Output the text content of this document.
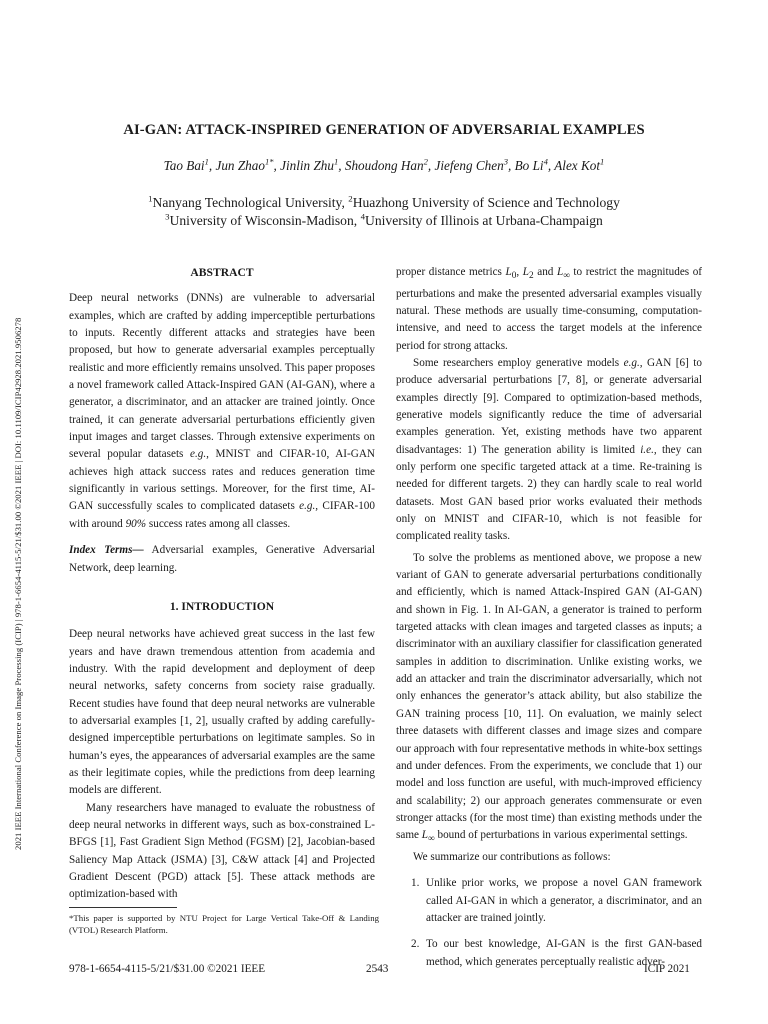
2021 IEEE International Conference on Image Processing (ICIP) | 978-1-6654-4115-5/21/$31.00 ©2021 IEEE | DOI: 10.1109/ICIP42928.2021.9506278
AI-GAN: ATTACK-INSPIRED GENERATION OF ADVERSARIAL EXAMPLES
Tao Bai$^1$, Jun Zhao$^{1*}$, Jinlin Zhu$^1$, Shoudong Han$^2$, Jiefeng Chen$^3$, Bo Li$^4$, Alex Kot$^1$
$^1$Nanyang Technological University, $^2$Huazhong University of Science and Technology
$^3$University of Wisconsin-Madison, $^4$University of Illinois at Urbana-Champaign
ABSTRACT
Deep neural networks (DNNs) are vulnerable to adversarial examples, which are crafted by adding imperceptible perturbations to inputs. Recently different attacks and strategies have been proposed, but how to generate adversarial examples perceptually realistic and more efficiently remains unsolved. This paper proposes a novel framework called Attack-Inspired GAN (AI-GAN), where a generator, a discriminator, and an attacker are trained jointly. Once trained, it can generate adversarial perturbations efficiently given input images and target classes. Through extensive experiments on several popular datasets e.g., MNIST and CIFAR-10, AI-GAN achieves high attack success rates and reduces generation time significantly in various settings. Moreover, for the first time, AI-GAN successfully scales to complicated datasets e.g., CIFAR-100 with around 90% success rates among all classes.
Index Terms— Adversarial examples, Generative Adversarial Network, deep learning.
1. INTRODUCTION
Deep neural networks have achieved great success in the last few years and have drawn tremendous attention from academia and industry. With the rapid development and deployment of deep neural networks, safety concerns from society raise gradually. Recent studies have found that deep neural networks are vulnerable to adversarial examples [1, 2], usually crafted by adding carefully-designed imperceptible perturbations on legitimate samples. So in human’s eyes, the appearances of adversarial examples are the same as their legitimate copies, while the predictions from deep learning models are different.
Many researchers have managed to evaluate the robustness of deep neural networks in different ways, such as box-constrained L-BFGS [1], Fast Gradient Sign Method (FGSM) [2], Jacobian-based Saliency Map Attack (JSMA) [3], C&W attack [4] and Projected Gradient Descent (PGD) attack [5]. These attack methods are optimization-based with
*This paper is supported by NTU Project for Large Vertical Take-Off & Landing (VTOL) Research Platform.
proper distance metrics $L_0$, $L_2$ and $L_\infty$ to restrict the magnitudes of perturbations and make the presented adversarial examples visually natural. These methods are usually time-consuming, computation-intensive, and need to access the target models at the inference period for strong attacks.
Some researchers employ generative models e.g., GAN [6] to produce adversarial perturbations [7, 8], or generate adversarial examples directly [9]. Compared to optimization-based methods, generative models significantly reduce the time of adversarial examples generation. Yet, existing methods have two apparent disadvantages: 1) The generation ability is limited i.e., they can only perform one specific targeted attack at a time. Re-training is needed for different targets. 2) they can hardly scale to real world datasets. Most GAN based prior works evaluated their methods only on MNIST and CIFAR-10, which is not feasible for complicated reality tasks.
To solve the problems as mentioned above, we propose a new variant of GAN to generate adversarial perturbations conditionally and efficiently, which is named Attack-Inspired GAN (AI-GAN) and shown in Fig. 1. In AI-GAN, a generator is trained to perform targeted attacks with clean images and targeted classes as inputs; a discriminator with an auxiliary classifier for classification generated samples in addition to discrimination. Unlike existing works, we add an attacker and train the discriminator adversarially, which not only enhances the generator’s attack ability, but also stabilize the GAN training process [10, 11]. On evaluation, we mainly select three datasets with different classes and image sizes and compare our approach with four representative methods in white-box settings and under defences. From the experiments, we conclude that 1) our model and loss function are useful, with much-improved efficiency and scalability; 2) our approach generates commensurate or even stronger attacks (for the most time) than existing methods under the same $L_\infty$ bound of perturbations in various experimental settings.
We summarize our contributions as follows:
1. Unlike prior works, we propose a novel GAN framework called AI-GAN in which a generator, a discriminator, and an attacker are trained jointly.
2. To our best knowledge, AI-GAN is the first GAN-based method, which generates perceptually realistic adver-
978-1-6654-4115-5/21/$31.00 ©2021 IEEE	2543	ICIP 2021
